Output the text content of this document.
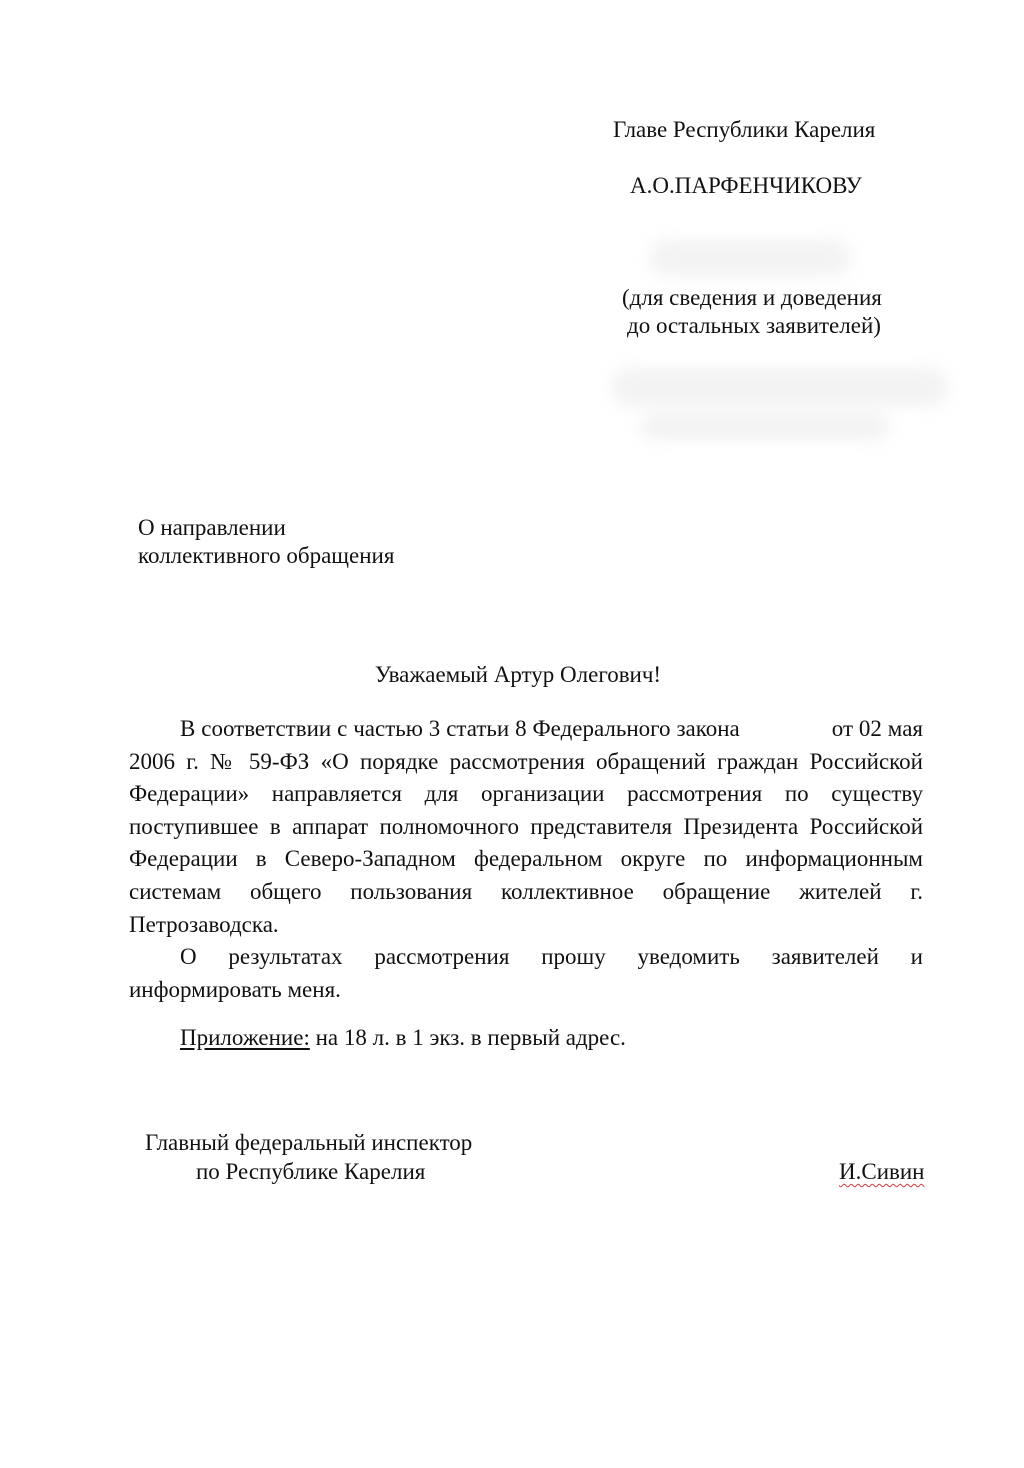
Главе Республики Карелия
А.О.ПАРФЕНЧИКОВУ
(для сведения и доведения
до остальных заявителей)
О направлении
коллективного обращения
Уважаемый Артур Олегович!

В соответствии с частью 3 статьи 8 Федерального закона	от 02 мая 2006 г. № 59-ФЗ «О порядке рассмотрения обращений граждан Российской Федерации» направляется для организации рассмотрения по существу поступившее в аппарат полномочного представителя Президента Российской Федерации в Северо-Западном федеральном округе по информационным системам общего пользования коллективное обращение жителей г. Петрозаводска.

О результатах рассмотрения прошу уведомить заявителей и информировать меня.

Приложение: на 18 л. в 1 экз. в первый адрес.
Главный федеральный инспектор
по Республике Карелия	И.Сивин
